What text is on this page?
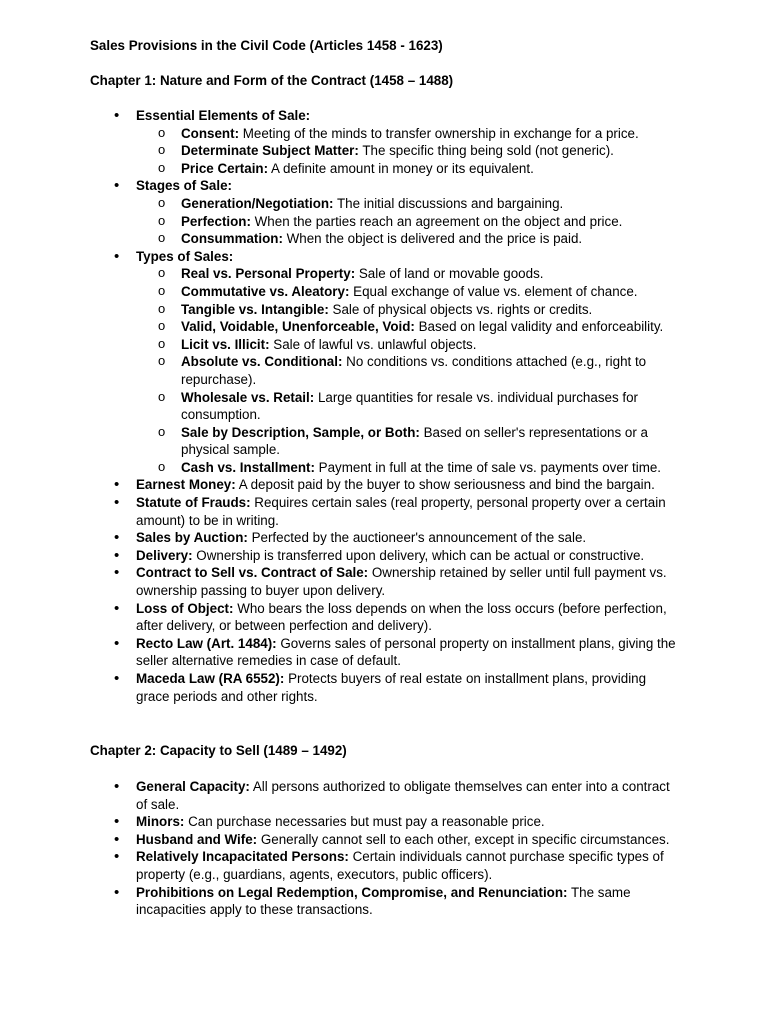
Sales Provisions in the Civil Code (Articles 1458 - 1623)
Chapter 1: Nature and Form of the Contract (1458 – 1488)
• Essential Elements of Sale:
o Consent: Meeting of the minds to transfer ownership in exchange for a price.
o Determinate Subject Matter: The specific thing being sold (not generic).
o Price Certain: A definite amount in money or its equivalent.
• Stages of Sale:
o Generation/Negotiation: The initial discussions and bargaining.
o Perfection: When the parties reach an agreement on the object and price.
o Consummation: When the object is delivered and the price is paid.
• Types of Sales:
o Real vs. Personal Property: Sale of land or movable goods.
o Commutative vs. Aleatory: Equal exchange of value vs. element of chance.
o Tangible vs. Intangible: Sale of physical objects vs. rights or credits.
o Valid, Voidable, Unenforceable, Void: Based on legal validity and enforceability.
o Licit vs. Illicit: Sale of lawful vs. unlawful objects.
o Absolute vs. Conditional: No conditions vs. conditions attached (e.g., right to repurchase).
o Wholesale vs. Retail: Large quantities for resale vs. individual purchases for consumption.
o Sale by Description, Sample, or Both: Based on seller's representations or a physical sample.
o Cash vs. Installment: Payment in full at the time of sale vs. payments over time.
• Earnest Money: A deposit paid by the buyer to show seriousness and bind the bargain.
• Statute of Frauds: Requires certain sales (real property, personal property over a certain amount) to be in writing.
• Sales by Auction: Perfected by the auctioneer's announcement of the sale.
• Delivery: Ownership is transferred upon delivery, which can be actual or constructive.
• Contract to Sell vs. Contract of Sale: Ownership retained by seller until full payment vs. ownership passing to buyer upon delivery.
• Loss of Object: Who bears the loss depends on when the loss occurs (before perfection, after delivery, or between perfection and delivery).
• Recto Law (Art. 1484): Governs sales of personal property on installment plans, giving the seller alternative remedies in case of default.
• Maceda Law (RA 6552): Protects buyers of real estate on installment plans, providing grace periods and other rights.
Chapter 2: Capacity to Sell (1489 – 1492)
• General Capacity: All persons authorized to obligate themselves can enter into a contract of sale.
• Minors: Can purchase necessaries but must pay a reasonable price.
• Husband and Wife: Generally cannot sell to each other, except in specific circumstances.
• Relatively Incapacitated Persons: Certain individuals cannot purchase specific types of property (e.g., guardians, agents, executors, public officers).
• Prohibitions on Legal Redemption, Compromise, and Renunciation: The same incapacities apply to these transactions.
